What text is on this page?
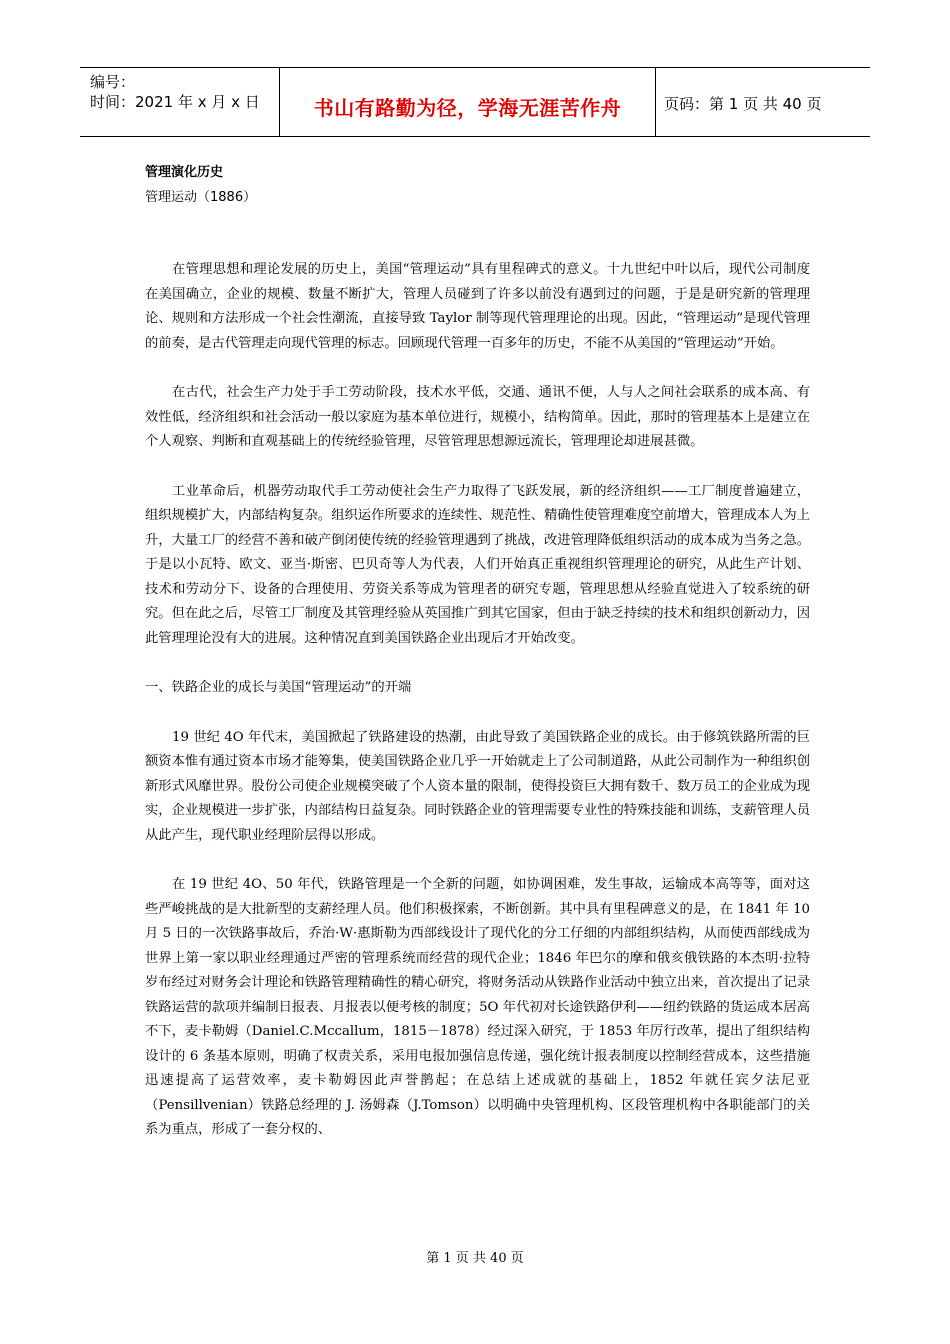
编号：
时间：2021 年 x 月 x 日	书山有路勤为径，学海无涯苦作舟	页码：第 1 页 共 40 页
管理演化历史
管理运动（1886）

在管理思想和理论发展的历史上，美国“管理运动”具有里程碑式的意义。十九世纪中叶以后，现代公司制度在美国确立，企业的规模、数量不断扩大，管理人员碰到了许多以前没有遇到过的问题，于是是研究新的管理理论、规则和方法形成一个社会性潮流，直接导致 Taylor 制等现代管理理论的出现。因此，“管理运动”是现代管理的前奏，是古代管理走向现代管理的标志。回顾现代管理一百多年的历史，不能不从美国的“管理运动”开始。

在古代，社会生产力处于手工劳动阶段，技术水平低，交通、通讯不便，人与人之间社会联系的成本高、有效性低，经济组织和社会活动一般以家庭为基本单位进行，规模小，结构简单。因此，那时的管理基本上是建立在个人观察、判断和直观基础上的传统经验管理，尽管管理思想源远流长，管理理论却进展甚微。

工业革命后，机器劳动取代手工劳动使社会生产力取得了飞跃发展，新的经济组织——工厂制度普遍建立，组织规模扩大，内部结构复杂。组织运作所要求的连续性、规范性、精确性使管理难度空前增大，管理成本人为上升，大量工厂的经营不善和破产倒闭使传统的经验管理遇到了挑战，改进管理降低组织活动的成本成为当务之急。于是以小瓦特、欧文、亚当·斯密、巴贝奇等人为代表，人们开始真正重视组织管理理论的研究，从此生产计划、技术和劳动分下、设备的合理使用、劳资关系等成为管理者的研究专题，管理思想从经验直觉进入了较系统的研究。但在此之后，尽管工厂制度及其管理经验从英国推广到其它国家，但由于缺乏持续的技术和组织创新动力，因此管理理论没有大的进展。这种情况直到美国铁路企业出现后才开始改变。

一、铁路企业的成长与美国“管理运动”的开端

19 世纪 4O 年代末，美国掀起了铁路建设的热潮，由此导致了美国铁路企业的成长。由于修筑铁路所需的巨额资本惟有通过资本市场才能筹集，使美国铁路企业几乎一开始就走上了公司制道路，从此公司制作为一种组织创新形式风靡世界。股份公司使企业规模突破了个人资本量的限制，使得投资巨大拥有数千、数万员工的企业成为现实，企业规模进一步扩张，内部结构日益复杂。同时铁路企业的管理需要专业性的特殊技能和训练，支薪管理人员从此产生，现代职业经理阶层得以形成。

在 19 世纪 4O、50 年代，铁路管理是一个全新的问题，如协调困难，发生事故，运输成本高等等，面对这些严峻挑战的是大批新型的支薪经理人员。他们积极探索，不断创新。其中具有里程碑意义的是，在 1841 年 10 月 5 日的一次铁路事故后，乔治·W·惠斯勒为西部线设计了现代化的分工仔细的内部组织结构，从而使西部线成为世界上第一家以职业经理通过严密的管理系统而经营的现代企业；1846 年巴尔的摩和俄亥俄铁路的本杰明·拉特岁布经过对财务会计理论和铁路管理精确性的精心研究，将财务活动从铁路作业活动中独立出来，首次提出了记录铁路运营的款项并编制日报表、月报表以便考核的制度；5O 年代初对长途铁路伊利——纽约铁路的货运成本居高不下，麦卡勒姆（Daniel.C.Mccallum，1815－1878）经过深入研究，于 1853 年厉行改革，提出了组织结构设计的 6 条基本原则，明确了权责关系，采用电报加强信息传递，强化统计报表制度以控制经营成本，这些措施迅速提高了运营效率，麦卡勒姆因此声誉鹊起；在总结上述成就的基础上，1852 年就任宾夕法尼亚（Pensillvenian）铁路总经理的 J. 汤姆森（J.Tomson）以明确中央管理机构、区段管理机构中各职能部门的关系为重点，形成了一套分权的、

第 1 页 共 40 页
